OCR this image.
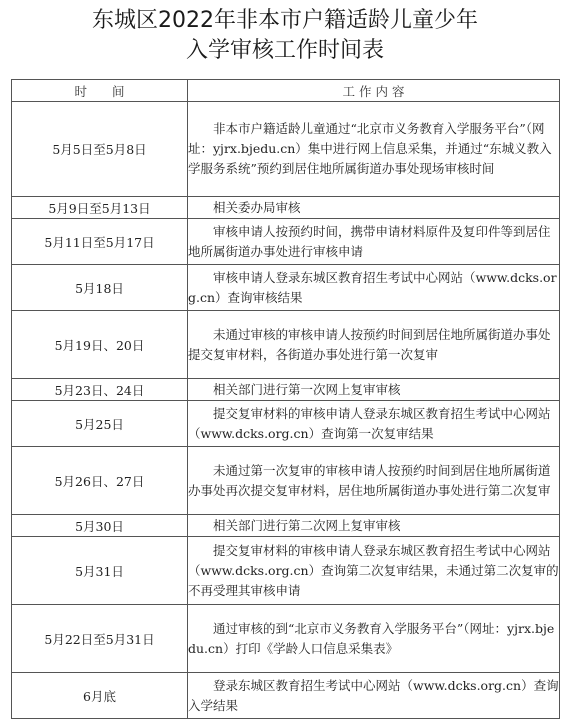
东城区2022年非本市户籍适龄儿童少年
入学审核工作时间表
时　　间	工 作 内 容
5月5日至5月8日	　　非本市户籍适龄儿童通过“北京市义务教育入学服务平台”（网址：yjrx.bjedu.cn）集中进行网上信息采集，并通过“东城义教入学服务系统”预约到居住地所属街道办事处现场审核时间
5月9日至5月13日	　　相关委办局审核
5月11日至5月17日	　　审核申请人按预约时间，携带申请材料原件及复印件等到居住地所属街道办事处进行审核申请
5月18日	　　审核申请人登录东城区教育招生考试中心网站（www.dcks.org.cn）查询审核结果
5月19日、20日	　　未通过审核的审核申请人按预约时间到居住地所属街道办事处提交复审材料，各街道办事处进行第一次复审
5月23日、24日	　　相关部门进行第一次网上复审审核
5月25日	　　提交复审材料的审核申请人登录东城区教育招生考试中心网站（www.dcks.org.cn）查询第一次复审结果
5月26日、27日	　　未通过第一次复审的审核申请人按预约时间到居住地所属街道办事处再次提交复审材料，居住地所属街道办事处进行第二次复审
5月30日	　　相关部门进行第二次网上复审审核
5月31日	　　提交复审材料的审核申请人登录东城区教育招生考试中心网站（www.dcks.org.cn）查询第二次复审结果，未通过第二次复审的不再受理其审核申请
5月22日至5月31日	　　通过审核的到“北京市义务教育入学服务平台”（网址：yjrx.bjedu.cn）打印《学龄人口信息采集表》
6月底	　　登录东城区教育招生考试中心网站（www.dcks.org.cn）查询入学结果
